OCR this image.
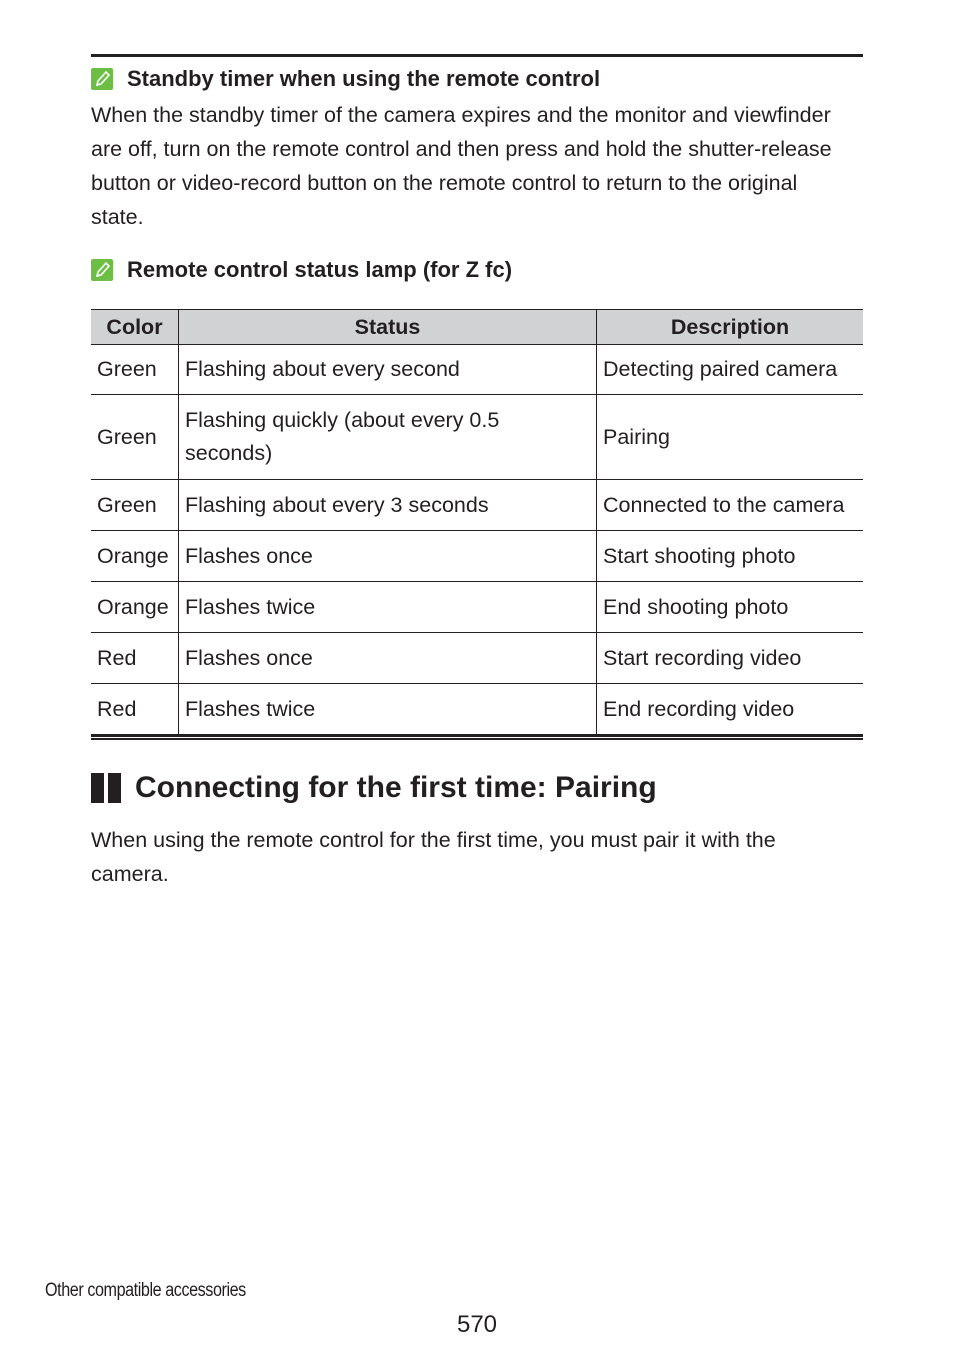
Standby timer when using the remote control
When the standby timer of the camera expires and the monitor and viewfinder are off, turn on the remote control and then press and hold the shutter-release button or video-record button on the remote control to return to the original state.
Remote control status lamp (for Z fc)
Color	Status	Description
Green	Flashing about every second	Detecting paired camera
Green	Flashing quickly (about every 0.5 seconds)	Pairing
Green	Flashing about every 3 seconds	Connected to the camera
Orange	Flashes once	Start shooting photo
Orange	Flashes twice	End shooting photo
Red	Flashes once	Start recording video
Red	Flashes twice	End recording video
Connecting for the first time: Pairing
When using the remote control for the first time, you must pair it with the camera.
Other compatible accessories
570
